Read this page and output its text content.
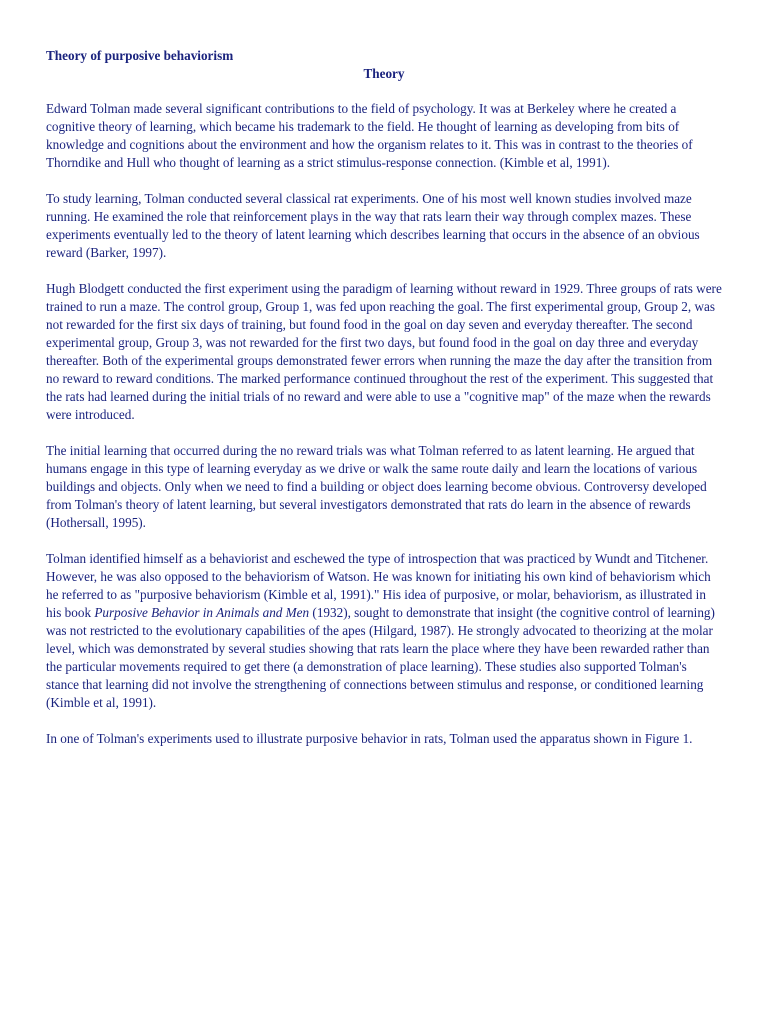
Theory of purposive behaviorism
Theory

Edward Tolman made several significant contributions to the field of psychology. It was at Berkeley where he created a cognitive theory of learning, which became his trademark to the field. He thought of learning as developing from bits of knowledge and cognitions about the environment and how the organism relates to it. This was in contrast to the theories of Thorndike and Hull who thought of learning as a strict stimulus-response connection. (Kimble et al, 1991).

To study learning, Tolman conducted several classical rat experiments. One of his most well known studies involved maze running. He examined the role that reinforcement plays in the way that rats learn their way through complex mazes. These experiments eventually led to the theory of latent learning which describes learning that occurs in the absence of an obvious reward (Barker, 1997).

Hugh Blodgett conducted the first experiment using the paradigm of learning without reward in 1929. Three groups of rats were trained to run a maze. The control group, Group 1, was fed upon reaching the goal. The first experimental group, Group 2, was not rewarded for the first six days of training, but found food in the goal on day seven and everyday thereafter. The second experimental group, Group 3, was not rewarded for the first two days, but found food in the goal on day three and everyday thereafter. Both of the experimental groups demonstrated fewer errors when running the maze the day after the transition from no reward to reward conditions. The marked performance continued throughout the rest of the experiment. This suggested that the rats had learned during the initial trials of no reward and were able to use a "cognitive map" of the maze when the rewards were introduced.

The initial learning that occurred during the no reward trials was what Tolman referred to as latent learning. He argued that humans engage in this type of learning everyday as we drive or walk the same route daily and learn the locations of various buildings and objects. Only when we need to find a building or object does learning become obvious. Controversy developed from Tolman's theory of latent learning, but several investigators demonstrated that rats do learn in the absence of rewards (Hothersall, 1995).

Tolman identified himself as a behaviorist and eschewed the type of introspection that was practiced by Wundt and Titchener. However, he was also opposed to the behaviorism of Watson. He was known for initiating his own kind of behaviorism which he referred to as "purposive behaviorism (Kimble et al, 1991)." His idea of purposive, or molar, behaviorism, as illustrated in his book Purposive Behavior in Animals and Men (1932), sought to demonstrate that insight (the cognitive control of learning) was not restricted to the evolutionary capabilities of the apes (Hilgard, 1987). He strongly advocated to theorizing at the molar level, which was demonstrated by several studies showing that rats learn the place where they have been rewarded rather than the particular movements required to get there (a demonstration of place learning). These studies also supported Tolman's stance that learning did not involve the strengthening of connections between stimulus and response, or conditioned learning (Kimble et al, 1991).

In one of Tolman's experiments used to illustrate purposive behavior in rats, Tolman used the apparatus shown in Figure 1.
